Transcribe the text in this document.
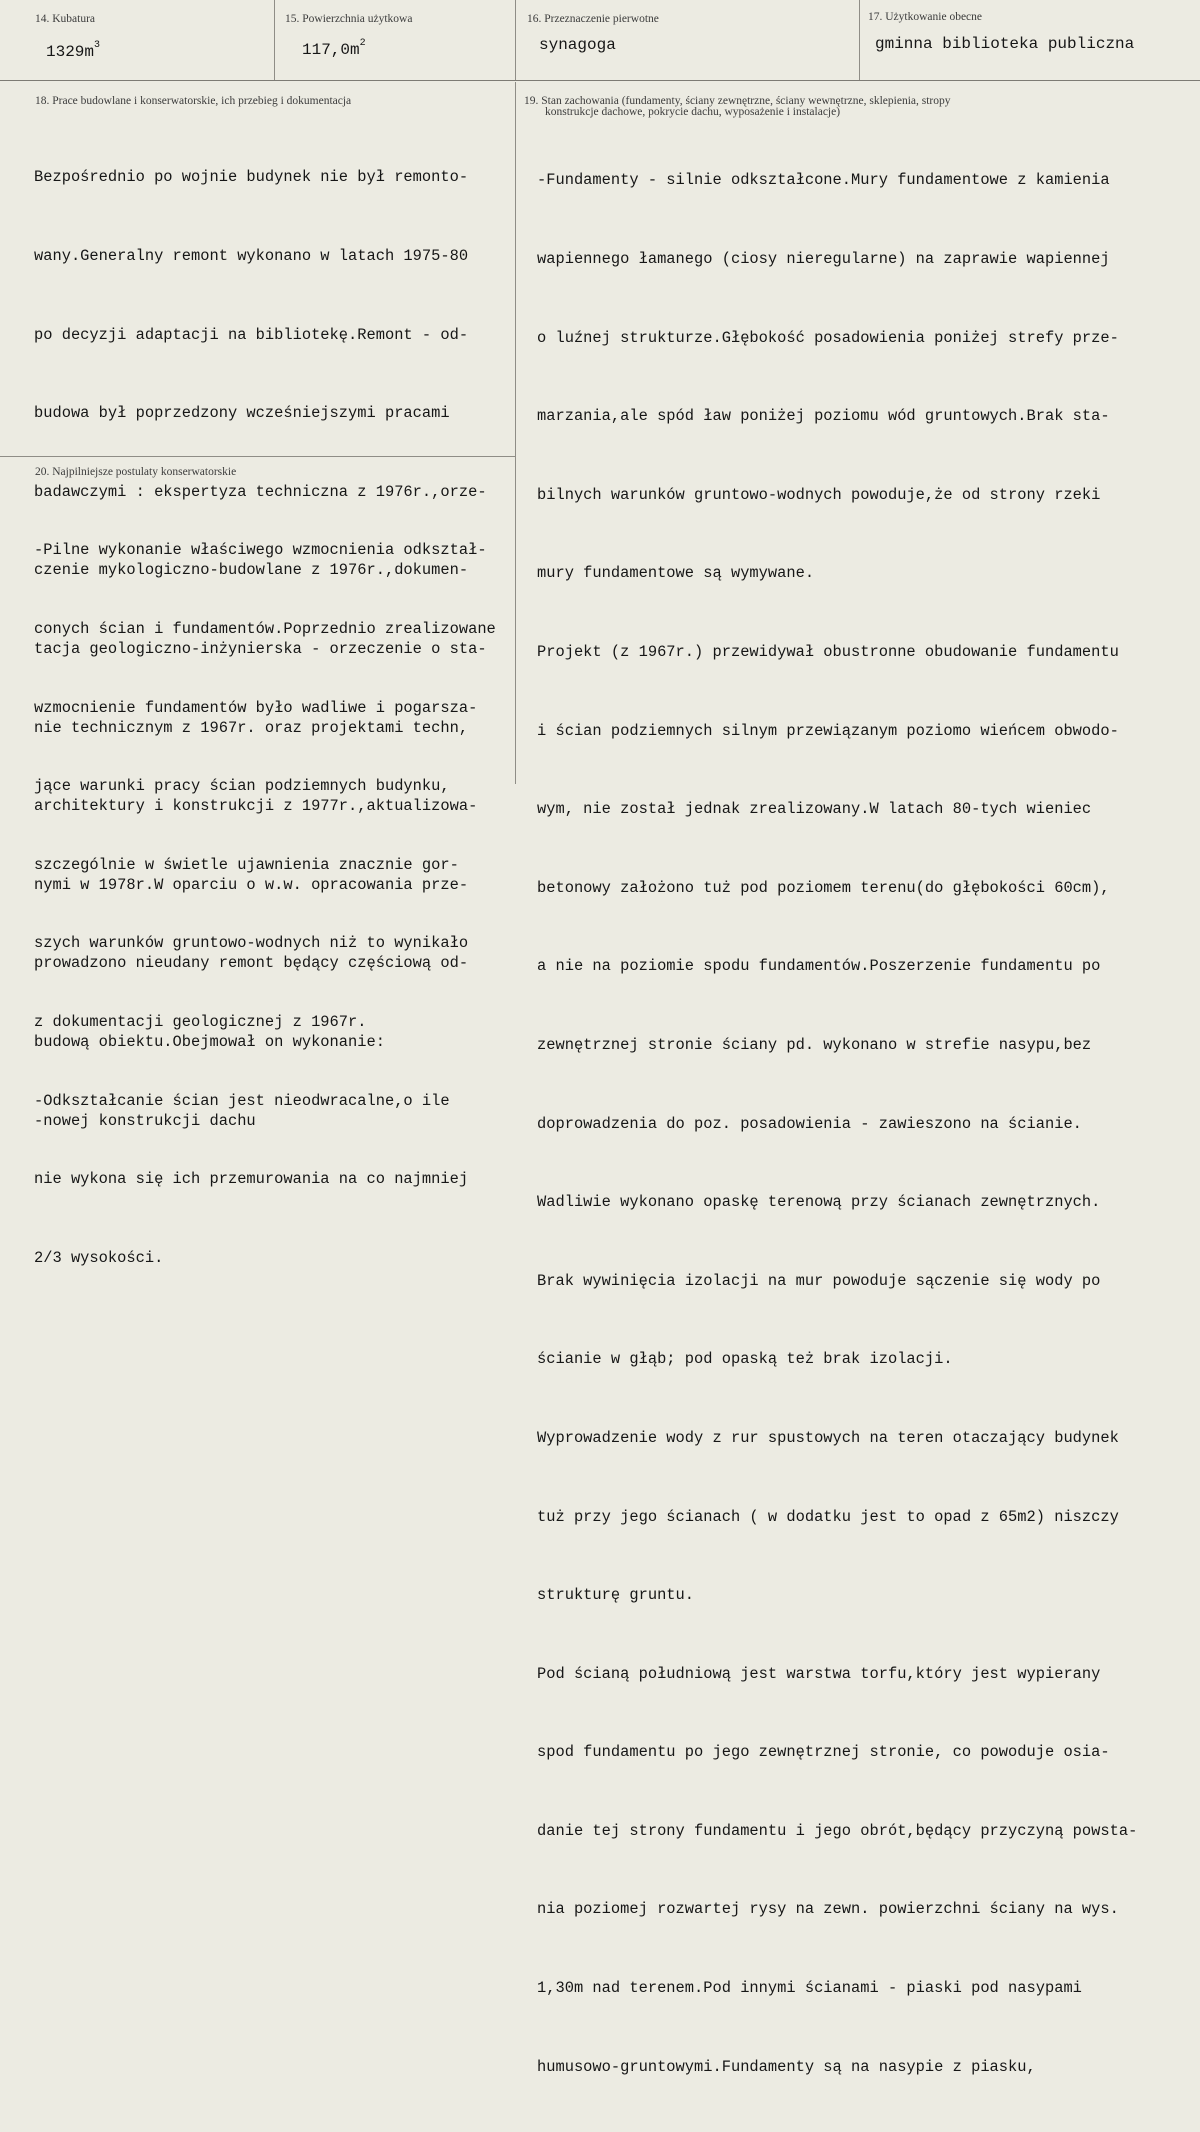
14. Kubatura
$1329m^3$
15. Powierzchnia użytkowa
$117,0m^2$
16. Przeznaczenie pierwotne
synagoga
17. Użytkowanie obecne
gminna biblioteka publiczna
18. Prace budowlane i konserwatorskie, ich przebieg i dokumentacja

Bezpośrednio po wojnie budynek nie był remonto-

wany.Generalny remont wykonano w latach 1975-80

po decyzji adaptacji na bibliotekę.Remont - od-

budowa był poprzedzony wcześniejszymi pracami

badawczymi : ekspertyza techniczna z 1976r.,orze-

czenie mykologiczno-budowlane z 1976r.,dokumen-

tacja geologiczno-inżynierska - orzeczenie o sta-

nie technicznym z 1967r. oraz projektami techn,

architektury i konstrukcji z 1977r.,aktualizowa-

nymi w 1978r.W oparciu o w.w. opracowania prze-

prowadzono nieudany remont będący częściową od-

budową obiektu.Obejmował on wykonanie:

-nowej konstrukcji dachu

20. Najpilniejsze postulaty konserwatorskie

-Pilne wykonanie właściwego wzmocnienia odkształ-

conych ścian i fundamentów.Poprzednio zrealizowane

wzmocnienie fundamentów było wadliwe i pogarsza-

jące warunki pracy ścian podziemnych budynku,

szczególnie w świetle ujawnienia znacznie gor-

szych warunków gruntowo-wodnych niż to wynikało

z dokumentacji geologicznej z 1967r.

-Odkształcanie ścian jest nieodwracalne,o ile

nie wykona się ich przemurowania na co najmniej

2/3 wysokości.

19. Stan zachowania (fundamenty, ściany zewnętrzne, ściany wewnętrzne, sklepienia, stropy
konstrukcje dachowe, pokrycie dachu, wyposażenie i instalacje)

-Fundamenty - silnie odkształcone.Mury fundamentowe z kamienia

wapiennego łamanego (ciosy nieregularne) na zaprawie wapiennej

o luźnej strukturze.Głębokość posadowienia poniżej strefy prze-

marzania,ale spód ław poniżej poziomu wód gruntowych.Brak sta-

bilnych warunków gruntowo-wodnych powoduje,że od strony rzeki

mury fundamentowe są wymywane.

Projekt (z 1967r.) przewidywał obustronne obudowanie fundamentu

i ścian podziemnych silnym przewiązanym poziomo wieńcem obwodo-

wym, nie został jednak zrealizowany.W latach 80-tych wieniec

betonowy założono tuż pod poziomem terenu(do głębokości 60cm),

a nie na poziomie spodu fundamentów.Poszerzenie fundamentu po

zewnętrznej stronie ściany pd. wykonano w strefie nasypu,bez

doprowadzenia do poz. posadowienia - zawieszono na ścianie.

Wadliwie wykonano opaskę terenową przy ścianach zewnętrznych.

Brak wywinięcia izolacji na mur powoduje sączenie się wody po

ścianie w głąb; pod opaską też brak izolacji.

Wyprowadzenie wody z rur spustowych na teren otaczający budynek

tuż przy jego ścianach ( w dodatku jest to opad z 65m2) niszczy

strukturę gruntu.

Pod ścianą południową jest warstwa torfu,który jest wypierany

spod fundamentu po jego zewnętrznej stronie, co powoduje osia-

danie tej strony fundamentu i jego obrót,będący przyczyną powsta-

nia poziomej rozwartej rysy na zewn. powierzchni ściany na wys.

1,30m nad terenem.Pod innymi ścianami - piaski pod nasypami

humusowo-gruntowymi.Fundamenty są na nasypie z piasku,
